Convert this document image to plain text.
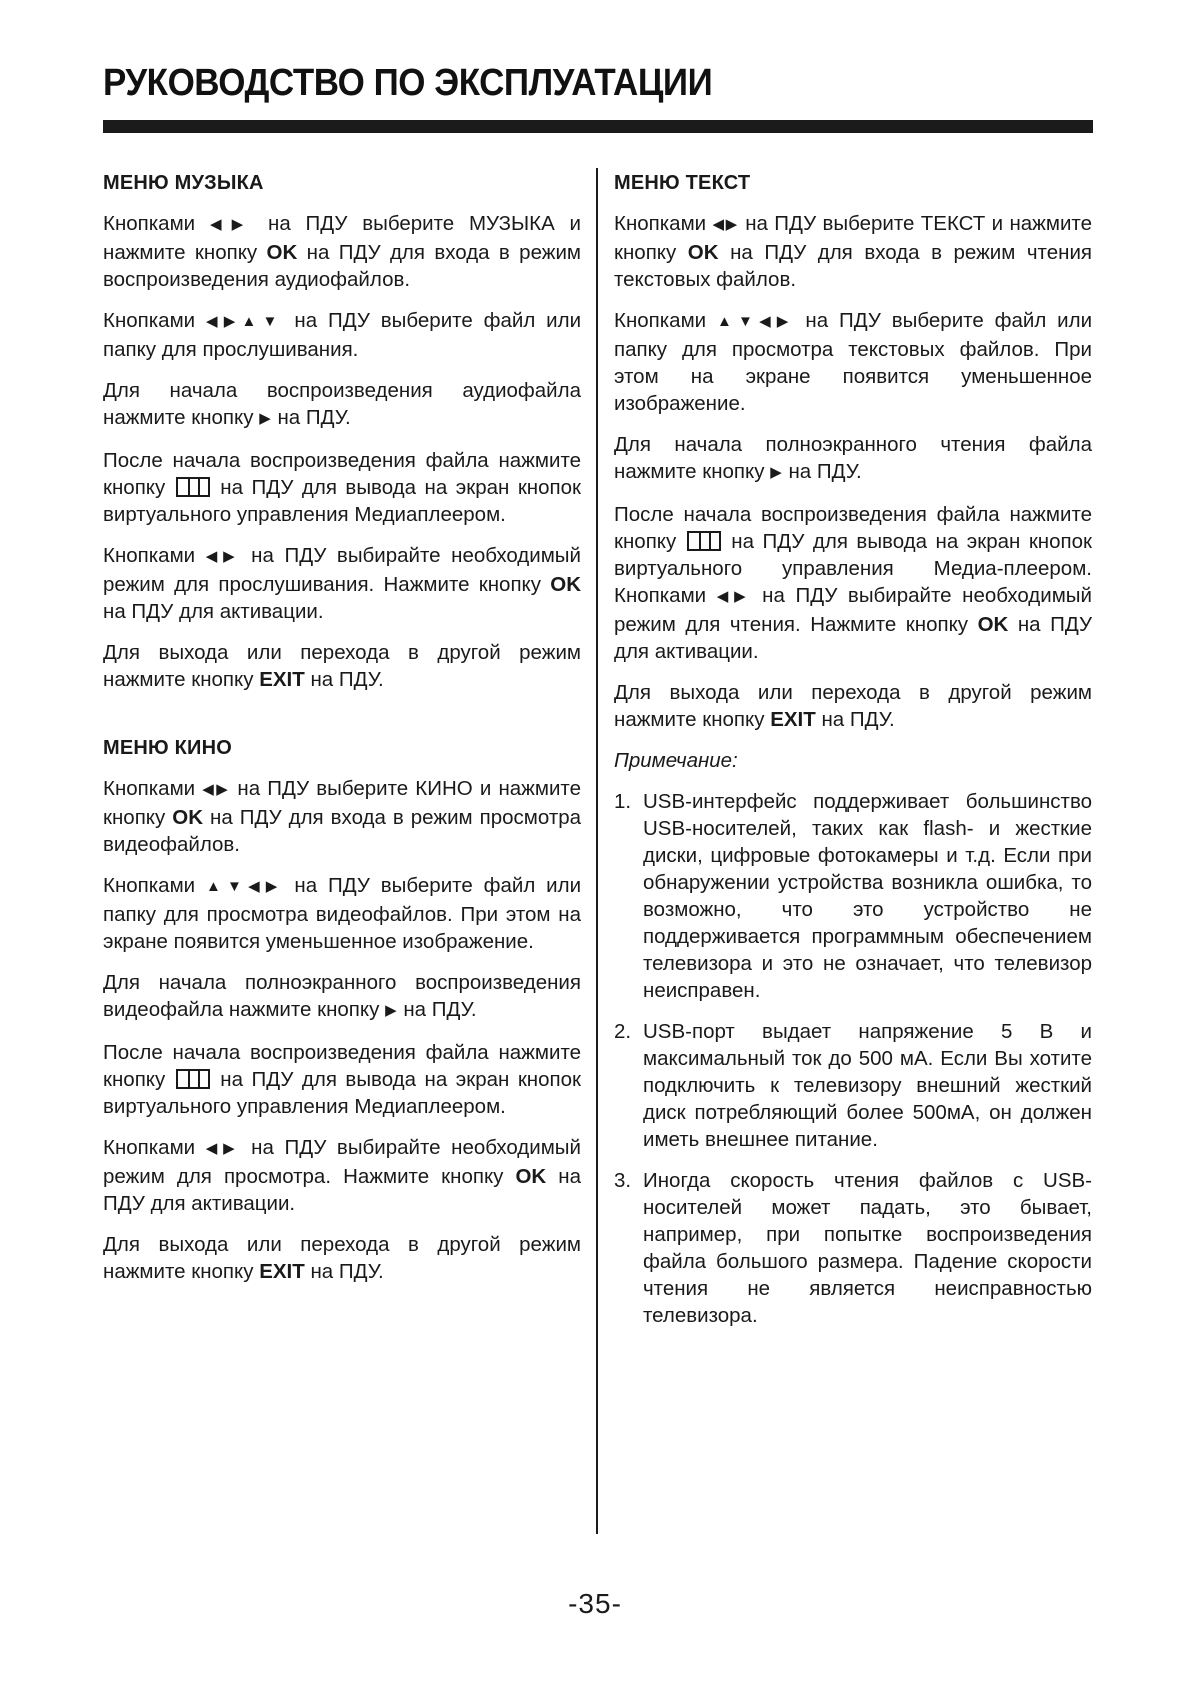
РУКОВОДСТВО ПО ЭКСПЛУАТАЦИИ
МЕНЮ МУЗЫКА

Кнопками ◀▶ на ПДУ выберите МУЗЫКА и нажмите кнопку OK на ПДУ для входа в режим воспроизведения аудиофайлов.

Кнопками ◀▶▲▼ на ПДУ выберите файл или папку для прослушивания.

Для начала воспроизведения аудиофайла нажмите кнопку ▶ на ПДУ.

После начала воспроизведения файла нажмите кнопку	на ПДУ для вывода на экран кнопок виртуального управления Медиаплеером.

Кнопками ◀▶ на ПДУ выбирайте необходимый режим для прослушивания. Нажмите кнопку OK на ПДУ для активации.

Для выхода или перехода в другой режим нажмите кнопку EXIT на ПДУ.

МЕНЮ КИНО

Кнопками ◀▶ на ПДУ выберите КИНО и нажмите кнопку OK на ПДУ для входа в режим просмотра видеофайлов.

Кнопками ▲▼◀▶ на ПДУ выберите файл или папку для просмотра видеофайлов. При этом на экране появится уменьшенное изображение.

Для начала полноэкранного воспроизведения видеофайла нажмите кнопку ▶ на ПДУ.

После начала воспроизведения файла нажмите кнопку	на ПДУ для вывода на экран кнопок виртуального управления Медиаплеером.

Кнопками ◀▶ на ПДУ выбирайте необходимый режим для просмотра. Нажмите кнопку OK на ПДУ для активации.

Для выхода или перехода в другой режим нажмите кнопку EXIT на ПДУ.

МЕНЮ ТЕКСТ

Кнопками ◀▶ на ПДУ выберите ТЕКСТ и нажмите кнопку OK на ПДУ для входа в режим чтения текстовых файлов.

Кнопками ▲▼◀▶ на ПДУ выберите файл или папку для просмотра текстовых файлов. При этом на экране появится уменьшенное изображение.

Для начала полноэкранного чтения файла нажмите кнопку ▶ на ПДУ.

После начала воспроизведения файла нажмите кнопку	на ПДУ для вывода на экран кнопок виртуального управления Медиа-плеером. Кнопками ◀▶ на ПДУ выбирайте необходимый режим для чтения. Нажмите кнопку OK на ПДУ для активации.

Для выхода или перехода в другой режим нажмите кнопку EXIT на ПДУ.

Примечание:
1. USB-интерфейс поддерживает большинство USB-носителей, таких как flash- и жесткие диски, цифровые фотокамеры и т.д. Если при обнаружении устройства возникла ошибка, то возможно, что это устройство не поддерживается программным обеспечением телевизора и это не означает, что телевизор неисправен.
2. USB-порт выдает напряжение 5 В и максимальный ток до 500 мА. Если Вы хотите подключить к телевизору внешний жесткий диск потребляющий более 500мА, он должен иметь внешнее питание.
3. Иногда скорость чтения файлов с USB-носителей может падать, это бывает, например, при попытке воспроизведения файла большого размера. Падение скорости чтения не является неисправностью телевизора.
-35-
